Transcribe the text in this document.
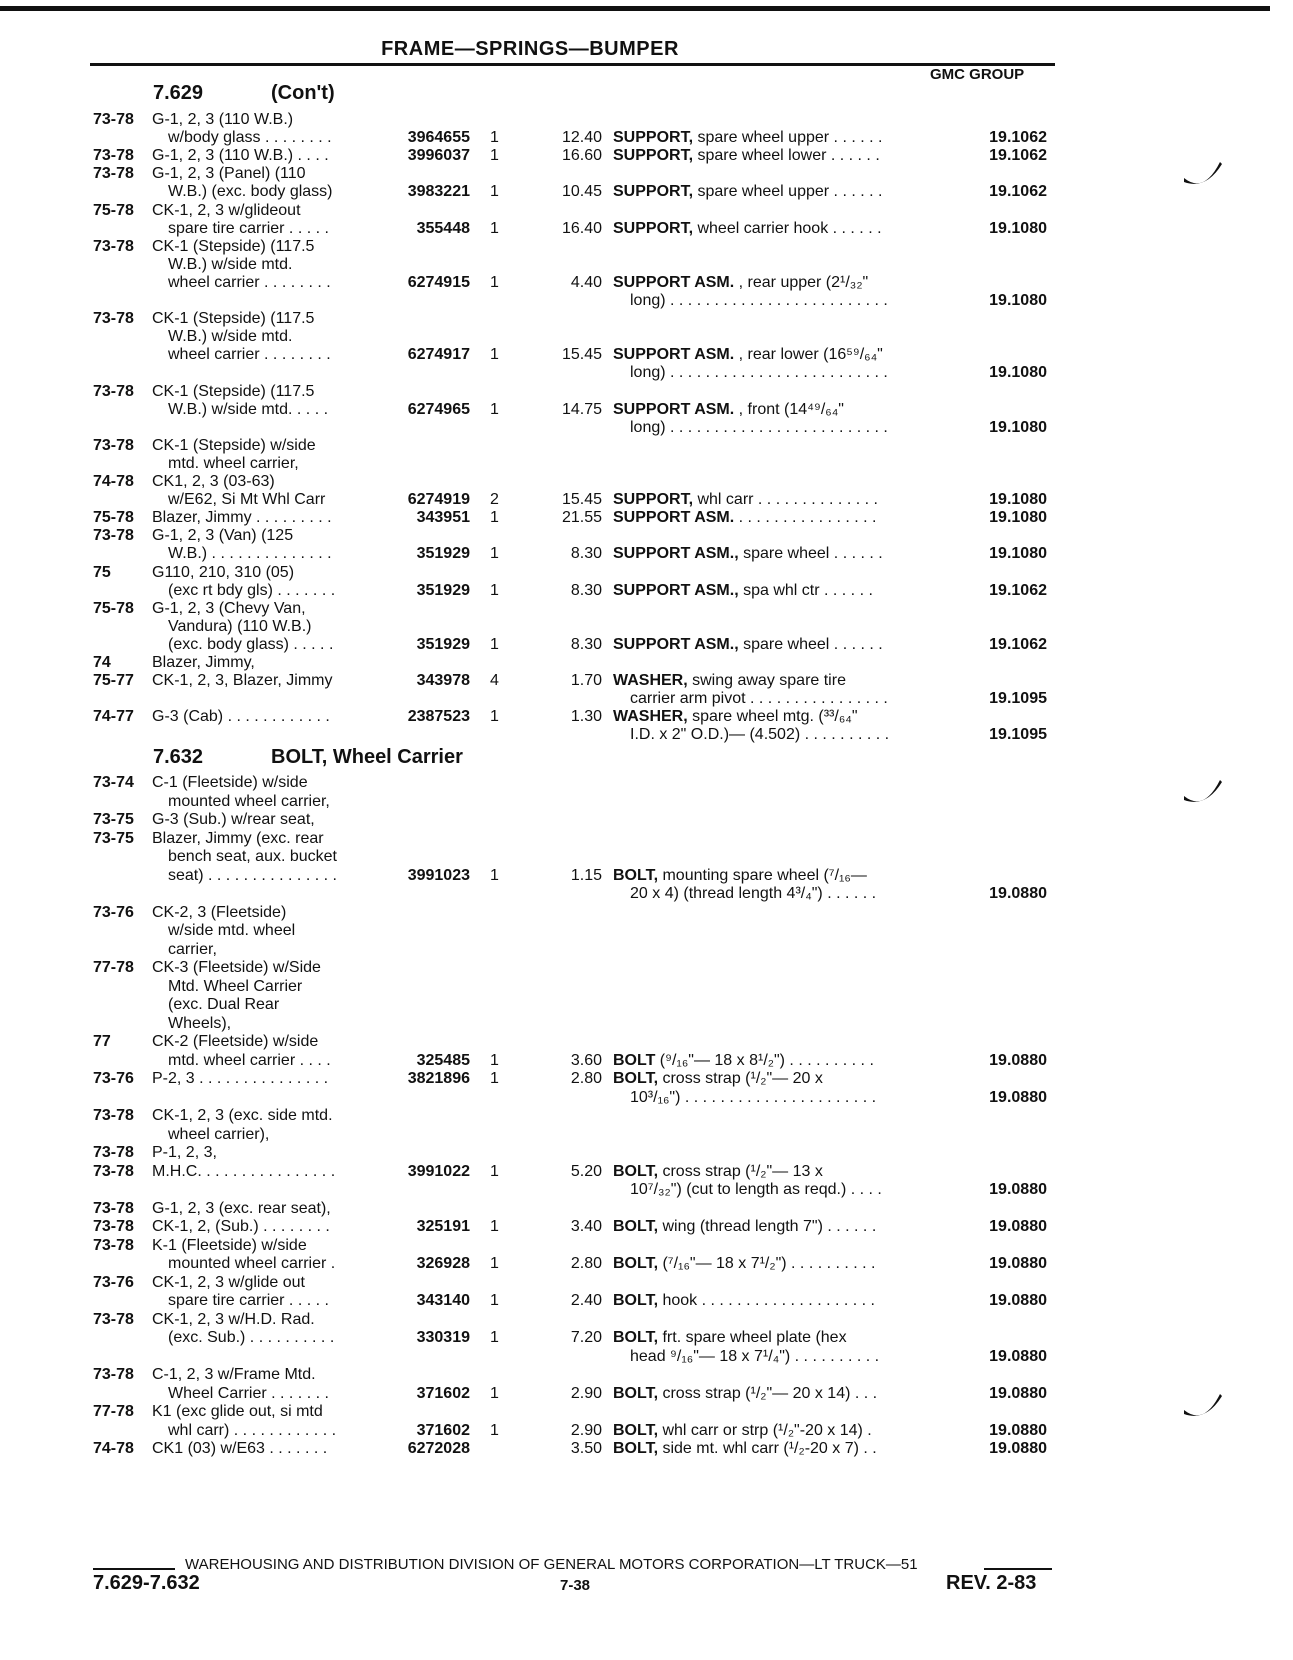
FRAME—SPRINGS—BUMPER
GMC GROUP
7.629	(Con't)
7.632	BOLT, Wheel Carrier
73-78 G-1, 2, 3 (110 W.B.)
w/body glass . . . . . . . .	3964655 1	12.40 SUPPORT, spare wheel upper . . . . . .	19.1062
73-78 G-1, 2, 3 (110 W.B.) . . . .	3996037 1	16.60 SUPPORT, spare wheel lower . . . . . .	19.1062
73-78 G-1, 2, 3 (Panel) (110
W.B.) (exc. body glass)	3983221 1	10.45 SUPPORT, spare wheel upper . . . . . .	19.1062
75-78 CK-1, 2, 3 w/glideout
spare tire carrier . . . . .	355448 1	16.40 SUPPORT, wheel carrier hook . . . . . .	19.1080
73-78 CK-1 (Stepside) (117.5
W.B.) w/side mtd.
wheel carrier . . . . . . . .	6274915 1	4.40 SUPPORT ASM. , rear upper (2¹/₃₂"
long) . . . . . . . . . . . . . . . . . . . . . . . . .	19.1080
73-78 CK-1 (Stepside) (117.5
W.B.) w/side mtd.
wheel carrier . . . . . . . .	6274917 1	15.45 SUPPORT ASM. , rear lower (16⁵⁹/₆₄"
long) . . . . . . . . . . . . . . . . . . . . . . . . .	19.1080
73-78 CK-1 (Stepside) (117.5
W.B.) w/side mtd. . . . .	6274965 1	14.75 SUPPORT ASM. , front (14⁴⁹/₆₄"
long) . . . . . . . . . . . . . . . . . . . . . . . . .	19.1080
73-78 CK-1 (Stepside) w/side
mtd. wheel carrier,
74-78 CK1, 2, 3 (03-63)
w/E62, Si Mt Whl Carr	6274919 2	15.45 SUPPORT, whl carr . . . . . . . . . . . . . .	19.1080
75-78 Blazer, Jimmy . . . . . . . . .	343951 1	21.55 SUPPORT ASM. . . . . . . . . . . . . . . . .	19.1080
73-78 G-1, 2, 3 (Van) (125
W.B.) . . . . . . . . . . . . . .	351929 1	8.30 SUPPORT ASM., spare wheel . . . . . .	19.1080
75	G110, 210, 310 (05)
(exc rt bdy gls) . . . . . . .	351929 1	8.30 SUPPORT ASM., spa whl ctr . . . . . .	19.1062
75-78 G-1, 2, 3 (Chevy Van,
Vandura) (110 W.B.)
(exc. body glass) . . . . .	351929 1	8.30 SUPPORT ASM., spare wheel . . . . . .	19.1062
74	Blazer, Jimmy,
75-77 CK-1, 2, 3, Blazer, Jimmy	343978 4	1.70 WASHER, swing away spare tire
carrier arm pivot . . . . . . . . . . . . . . . .	19.1095
74-77 G-3 (Cab) . . . . . . . . . . . .	2387523 1	1.30 WASHER, spare wheel mtg. (³³/₆₄"
I.D. x 2" O.D.)— (4.502) . . . . . . . . . .	19.1095
73-74 C-1 (Fleetside) w/side
mounted wheel carrier,
73-75 G-3 (Sub.) w/rear seat,
73-75 Blazer, Jimmy (exc. rear
bench seat, aux. bucket
seat) . . . . . . . . . . . . . . .	3991023 1	1.15 BOLT, mounting spare wheel (⁷/₁₆—
20 x 4) (thread length 4³/₄") . . . . . .	19.0880
73-76 CK-2, 3 (Fleetside)
w/side mtd. wheel
carrier,
77-78 CK-3 (Fleetside) w/Side
Mtd. Wheel Carrier
(exc. Dual Rear
Wheels),
77	CK-2 (Fleetside) w/side
mtd. wheel carrier . . . .	325485 1	3.60 BOLT (⁹/₁₆"— 18 x 8¹/₂") . . . . . . . . . .	19.0880
73-76 P-2, 3 . . . . . . . . . . . . . . .	3821896 1	2.80 BOLT, cross strap (¹/₂"— 20 x
10³/₁₆") . . . . . . . . . . . . . . . . . . . . . .	19.0880
73-78 CK-1, 2, 3 (exc. side mtd.
wheel carrier),
73-78 P-1, 2, 3,
73-78 M.H.C. . . . . . . . . . . . . . . .	3991022 1	5.20 BOLT, cross strap (¹/₂"— 13 x
10⁷/₃₂") (cut to length as reqd.) . . . .	19.0880
73-78 G-1, 2, 3 (exc. rear seat),
73-78 CK-1, 2, (Sub.) . . . . . . . .	325191 1	3.40 BOLT, wing (thread length 7") . . . . . .	19.0880
73-78 K-1 (Fleetside) w/side
mounted wheel carrier .	326928 1	2.80 BOLT, (⁷/₁₆"— 18 x 7¹/₂") . . . . . . . . . .	19.0880
73-76 CK-1, 2, 3 w/glide out
spare tire carrier . . . . .	343140 1	2.40 BOLT, hook . . . . . . . . . . . . . . . . . . . .	19.0880
73-78 CK-1, 2, 3 w/H.D. Rad.
(exc. Sub.) . . . . . . . . . .	330319 1	7.20 BOLT, frt. spare wheel plate (hex
head ⁹/₁₆"— 18 x 7¹/₄") . . . . . . . . . .	19.0880
73-78 C-1, 2, 3 w/Frame Mtd.
Wheel Carrier . . . . . . .	371602 1	2.90 BOLT, cross strap (¹/₂"— 20 x 14) . . .	19.0880
77-78 K1 (exc glide out, si mtd
whl carr) . . . . . . . . . . . .	371602 1	2.90 BOLT, whl carr or strp (¹/₂"-20 x 14) .	19.0880
74-78 CK1 (03) w/E63 . . . . . . .	6272028	3.50 BOLT, side mt. whl carr (¹/₂-20 x 7) . .	19.0880
WAREHOUSING AND DISTRIBUTION DIVISION OF GENERAL MOTORS CORPORATION—LT TRUCK—51
7.629-7.632	7-38	REV. 2-83
